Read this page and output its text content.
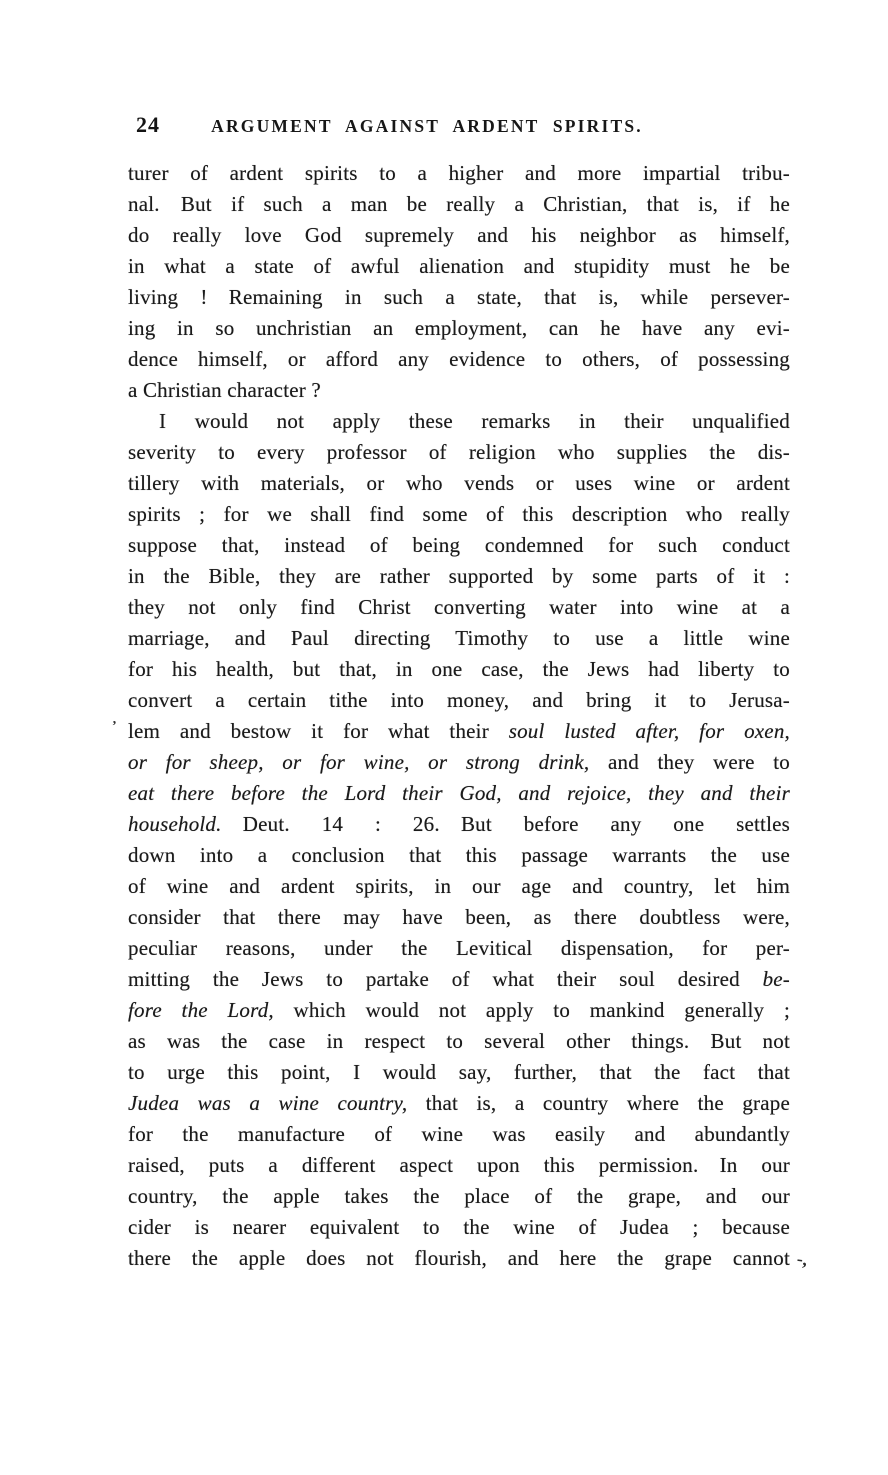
24	ARGUMENT AGAINST ARDENT SPIRITS.
turer of ardent spirits to a higher and more impartial tribu-
nal. But if such a man be really a Christian, that is, if he
do really love God supremely and his neighbor as himself,
in what a state of awful alienation and stupidity must he be
living ! Remaining in such a state, that is, while persever-
ing in so unchristian an employment, can he have any evi-
dence himself, or afford any evidence to others, of possessing
a Christian character ?
I would not apply these remarks in their unqualified
severity to every professor of religion who supplies the dis-
tillery with materials, or who vends or uses wine or ardent
spirits ; for we shall find some of this description who really
suppose that, instead of being condemned for such conduct
in the Bible, they are rather supported by some parts of it :
they not only find Christ converting water into wine at a
marriage, and Paul directing Timothy to use a little wine
for his health, but that, in one case, the Jews had liberty to
convert a certain tithe into money, and bring it to Jerusa-
lem and bestow it for what their soul lusted after, for oxen,
or for sheep, or for wine, or strong drink, and they were to
eat there before the Lord their God, and rejoice, they and their
household. Deut. 14 : 26. But before any one settles
down into a conclusion that this passage warrants the use
of wine and ardent spirits, in our age and country, let him
consider that there may have been, as there doubtless were,
peculiar reasons, under the Levitical dispensation, for per-
mitting the Jews to partake of what their soul desired be-
fore the Lord, which would not apply to mankind generally ;
as was the case in respect to several other things. But not
to urge this point, I would say, further, that the fact that
Judea was a wine country, that is, a country where the grape
for the manufacture of wine was easily and abundantly
raised, puts a different aspect upon this permission. In our
country, the apple takes the place of the grape, and our
cider is nearer equivalent to the wine of Judea ; because
there the apple does not flourish, and here the grape cannot
’
-,
